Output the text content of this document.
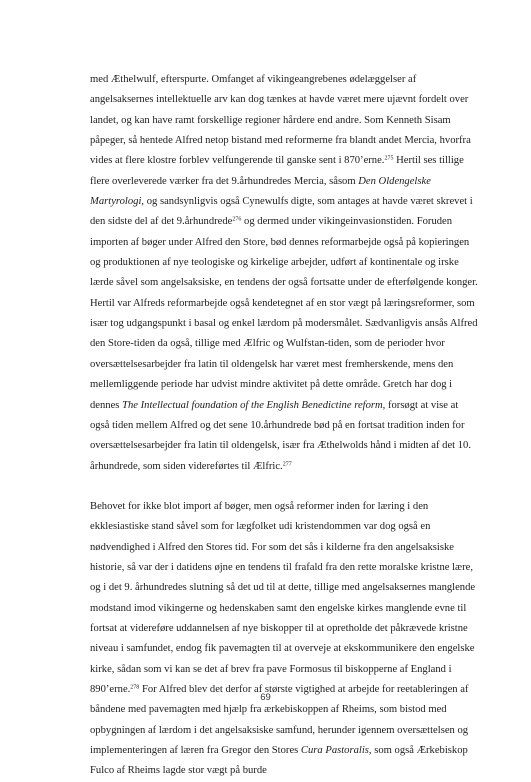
med Æthelwulf, efterspurte. Omfanget af vikingeangrebenes ødelæggelser af angelsaksernes intellektuelle arv kan dog tænkes at havde været mere ujævnt fordelt over landet, og kan have ramt forskellige regioner hårdere end andre. Som Kenneth Sisam påpeger, så hentede Alfred netop bistand med reformerne fra blandt andet Mercia, hvorfra vides at flere klostre forblev velfungerende til ganske sent i 870’erne.$^{275}$ Hertil ses tillige flere overleverede værker fra det 9.århundredes Mercia, såsom Den Oldengelske Martyrologi, og sandsynligvis også Cynewulfs digte, som antages at havde været skrevet i den sidste del af det 9.århundrede$^{276}$ og dermed under vikingeinvasionstiden. Foruden importen af bøger under Alfred den Store, bød dennes reformarbejde også på kopieringen og produktionen af nye teologiske og kirkelige arbejder, udført af kontinentale og irske lærde såvel som angelsaksiske, en tendens der også fortsatte under de efterfølgende konger. Hertil var Alfreds reformarbejde også kendetegnet af en stor vægt på læringsreformer, som især tog udgangspunkt i basal og enkel lærdom på modersmålet. Sædvanligvis ansås Alfred den Store-tiden da også, tillige med Ælfric og Wulfstan-tiden, som de perioder hvor oversættelsesarbejder fra latin til oldengelsk har været mest fremherskende, mens den mellemliggende periode har udvist mindre aktivitet på dette område. Gretch har dog i dennes The Intellectual foundation of the English Benedictine reform, forsøgt at vise at også tiden mellem Alfred og det sene 10.århundrede bød på en fortsat tradition inden for oversættelsesarbejder fra latin til oldengelsk, især fra Æthelwolds hånd i midten af det 10. århundrede, som siden videreførtes til Ælfric.$^{277}$

Behovet for ikke blot import af bøger, men også reformer inden for læring i den ekklesiastiske stand såvel som for lægfolket udi kristendommen var dog også en nødvendighed i Alfred den Stores tid. For som det sås i kilderne fra den angelsaksiske historie, så var der i datidens øjne en tendens til frafald fra den rette moralske kristne lære, og i det 9. århundredes slutning så det ud til at dette, tillige med angelsaksernes manglende modstand imod vikingerne og hedenskaben samt den engelske kirkes manglende evne til fortsat at videreføre uddannelsen af nye biskopper til at opretholde det påkrævede kristne niveau i samfundet, endog fik pavemagten til at overveje at ekskommunikere den engelske kirke, sådan som vi kan se det af brev fra pave Formosus til biskopperne af England i 890’erne.$^{278}$ For Alfred blev det derfor af største vigtighed at arbejde for reetableringen af båndene med pavemagten med hjælp fra ærkebiskoppen af Rheims, som bistod med opbygningen af lærdom i det angelsaksiske samfund, herunder igennem oversættelsen og implementeringen af læren fra Gregor den Stores Cura Pastoralis, som også Ærkebiskop Fulco af Rheims lagde stor vægt på burde

69
